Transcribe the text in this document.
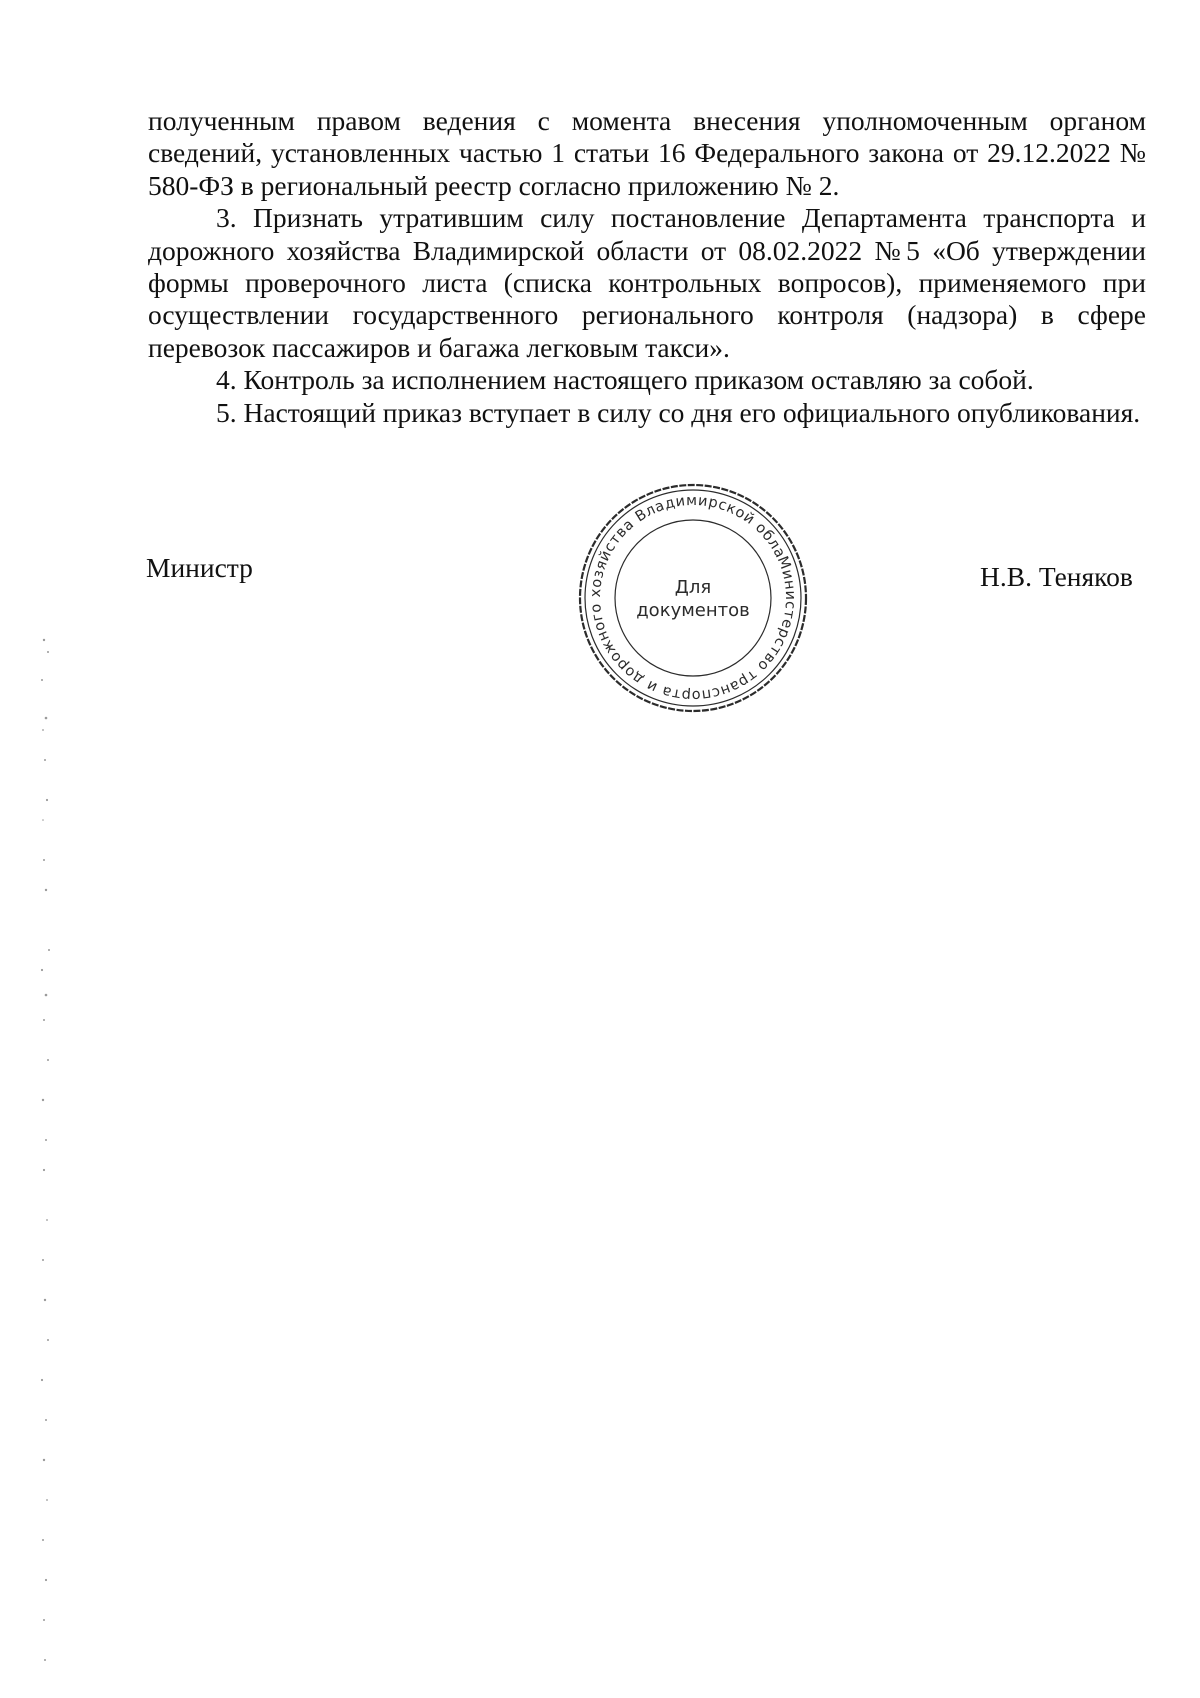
полученным правом ведения с момента внесения уполномоченным органом сведений, установленных частью 1 статьи 16 Федерального закона от 29.12.2022 № 580-ФЗ в региональный реестр согласно приложению № 2.

3. Признать утратившим силу постановление Департамента транспорта и дорожного хозяйства Владимирской области от 08.02.2022 №5 «Об утверждении формы проверочного листа (списка контрольных вопросов), применяемого при осуществлении государственного регионального контроля (надзора) в сфере перевозок пассажиров и багажа легковым такси».

4. Контроль за исполнением настоящего приказом оставляю за собой.

5. Настоящий приказ вступает в силу со дня его официального опубликования.

Министр	Н.В. Теняков
Министерство транспорта и дорожного хозяйства Владимирской области
Для
документов
